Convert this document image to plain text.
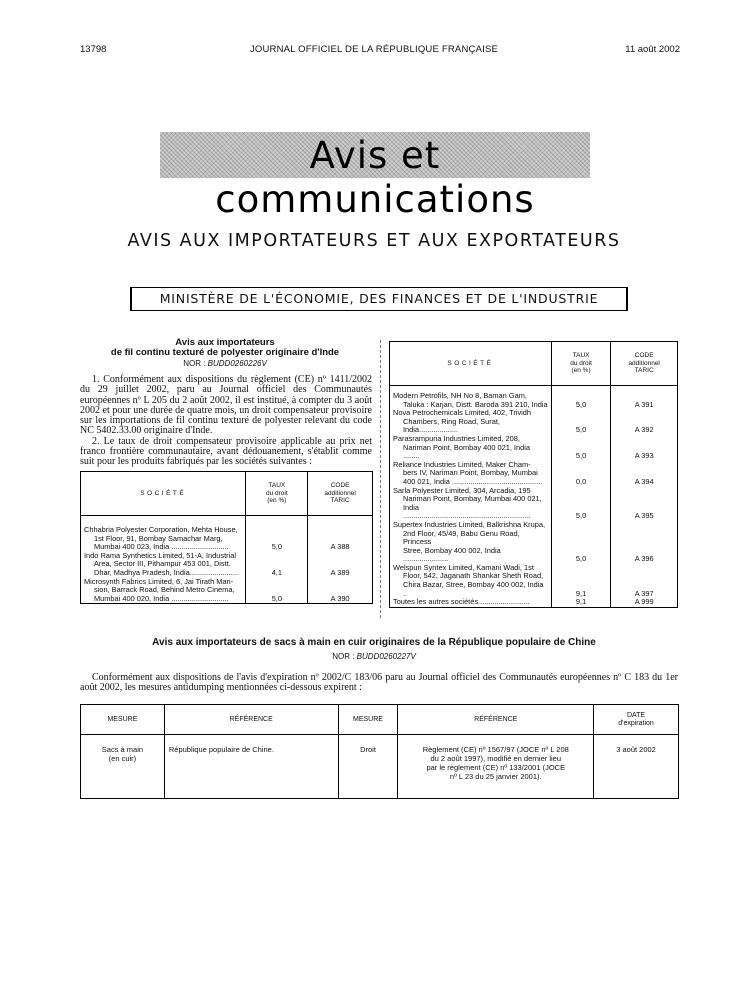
13798	JOURNAL OFFICIEL DE LA RÉPUBLIQUE FRANÇAISE	11 août 2002
Avis et communications
AVIS AUX IMPORTATEURS ET AUX EXPORTATEURS
MINISTÈRE DE L'ÉCONOMIE, DES FINANCES ET DE L'INDUSTRIE
Avis aux importateurs
de fil continu texturé de polyester originaire d'Inde
NOR : BUDD0260226V

1. Conformément aux dispositions du règlement (CE) nº 1411/2002 du 29 juillet 2002, paru au Journal officiel des Communautés européennes nº L 205 du 2 août 2002, il est institué, à compter du 3 août 2002 et pour une durée de quatre mois, un droit compensateur provisoire sur les importations de fil continu texturé de polyester relevant du code NC 5402.33.00 originaire d'Inde.

2. Le taux de droit compensateur provisoire applicable au prix net franco frontière communautaire, avant dédouanement, s'établit comme suit pour les produits fabriqués par les sociétés suivantes :

SOCIÉTÉ	TAUX
du droit
(en %)	CODE
additionnel
TARIC

Chhabria Polyester Corporation, Mehta House,
1st Floor, 91, Bombay Samachar Marg,
Mumbai 400 023, India ............................	5,0	A 388

Indo Rama Synthetics Limited, 51-A, Industrial
Area, Sector III, Pithampur 453 001, Distt.
Dhar, Madhya Pradesh, India........................	4,1	A 389

Microsynth Fabrics Limited, 6, Jai Tirath Man-
sion, Barrack Road, Behind Metro Cinema,
Mumbai 400 020, India ............................	5,0	A 390
SOCIÉTÉ	TAUX
du droit
(en %)	CODE
additionnel
TARIC

Modern Petrofils, NH No 8, Baman Gam,
Taluka : Karjan, Distt. Baroda 391 210, India	5,0	A 391

Nova Petrochemicals Limited, 402, Trividh
Chambers, Ring Road, Surat, India...................	5,0	A 392

Parasrampuria Industries Limited, 208,
Nariman Point, Bombay 400 021, India ........	5,0	A 393

Reliance Industries Limited, Maker Cham-
bers IV, Nariman Point, Bombay, Mumbai
400 021, India ............................................	0,0	A 394

Sarla Polyester Limited, 304, Arcadia, 195
Nariman Point, Bombay, Mumbai 400 021,
India ..............................................................	5,0	A 395

Supertex Industries Limited, Balkrishna Krupa,
2nd Floor, 45/49, Babu Genu Road, Princess
Stree, Bombay 400 002, India ......................	5,0	A 396

Welspun Syntex Limited, Kamani Wadi, 1st
Floor, 542, Jaganath Shankar Sheth Road,
Chira Bazar, Stree, Bombay 400 002, India ..	9,1	A 397

Toutes les autres sociétés.........................	9,1	A 999
Avis aux importateurs de sacs à main en cuir originaires de la République populaire de Chine
NOR : BUDD0260227V

Conformément aux dispositions de l'avis d'expiration nº 2002/C 183/06 paru au Journal officiel des Communautés européennes nº C 183 du 1er août 2002, les mesures antidumping mentionnées ci-dessous expirent :

MESURE	RÉFÉRENCE	MESURE	RÉFÉRENCE	DATE
d'expiration
Sacs à main
(en cuir)	République populaire de Chine.	Droit	Règlement (CE) nº 1567/97 (JOCE nº L 208
du 2 août 1997), modifié en dernier lieu
par le règlement (CE) nº 133/2001 (JOCE
nº L 23 du 25 janvier 2001).	3 août 2002
